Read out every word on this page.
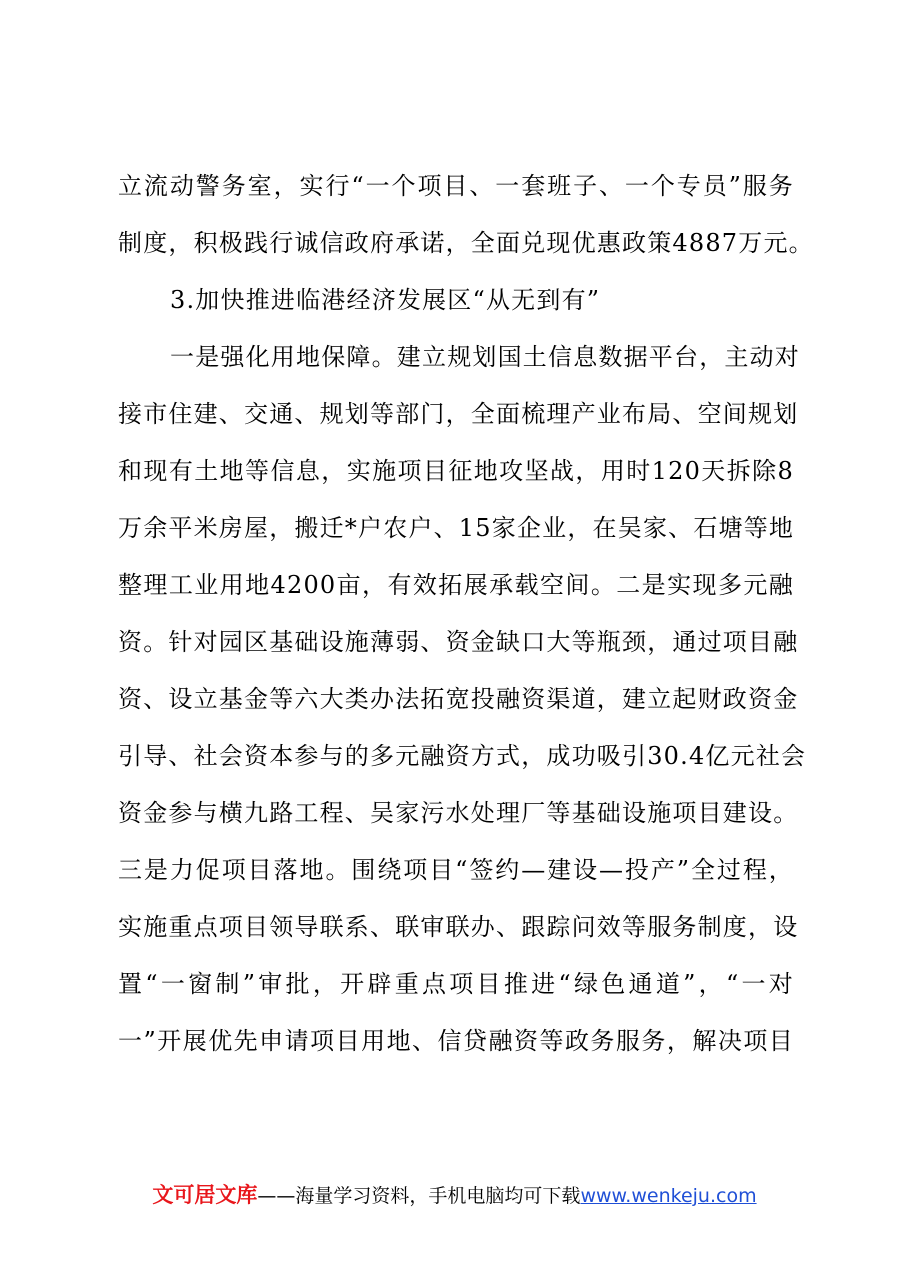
立流动警务室，实行“一个项目、一套班子、一个专员”服务
制度，积极践行诚信政府承诺，全面兑现优惠政策4887万元。
3.加快推进临港经济发展区“从无到有”
一是强化用地保障。建立规划国土信息数据平台，主动对
接市住建、交通、规划等部门，全面梳理产业布局、空间规划
和现有土地等信息，实施项目征地攻坚战，用时120天拆除8
万余平米房屋，搬迁*户农户、15家企业，在吴家、石塘等地
整理工业用地4200亩，有效拓展承载空间。二是实现多元融
资。针对园区基础设施薄弱、资金缺口大等瓶颈，通过项目融
资、设立基金等六大类办法拓宽投融资渠道，建立起财政资金
引导、社会资本参与的多元融资方式，成功吸引30.4亿元社会
资金参与横九路工程、吴家污水处理厂等基础设施项目建设。
三是力促项目落地。围绕项目“签约—建设—投产”全过程，
实施重点项目领导联系、联审联办、跟踪问效等服务制度，设
置“一窗制”审批，开辟重点项目推进“绿色通道”，“一对
一”开展优先申请项目用地、信贷融资等政务服务，解决项目
文可居文库——海量学习资料，手机电脑均可下载www.wenkeju.com
